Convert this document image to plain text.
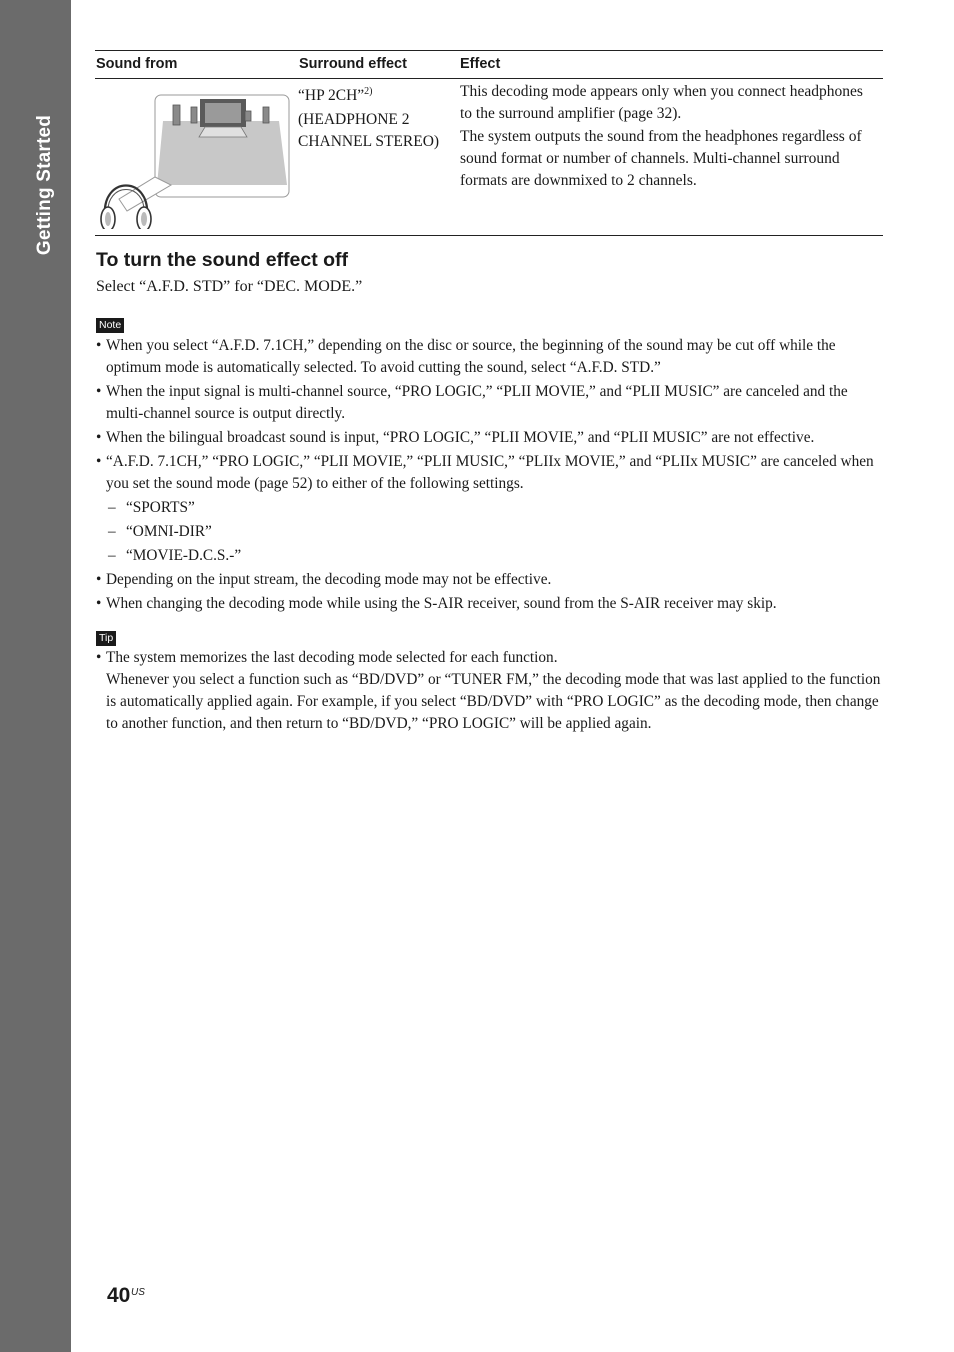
Getting Started
Sound from	Surround effect	Effect

“HP 2CH”$^{2)}$

(HEADPHONE 2 CHANNEL STEREO)

This decoding mode appears only when you connect headphones to the surround amplifier (page 32).

The system outputs the sound from the headphones regardless of sound format or number of channels. Multi-channel surround formats are downmixed to 2 channels.

To turn the sound effect off
Select “A.F.D. STD” for “DEC. MODE.”
Note
• When you select “A.F.D. 7.1CH,” depending on the disc or source, the beginning of the sound may be cut off while the optimum mode is automatically selected. To avoid cutting the sound, select “A.F.D. STD.”
• When the input signal is multi-channel source, “PRO LOGIC,” “PLII MOVIE,” and “PLII MUSIC” are canceled and the multi-channel source is output directly.
• When the bilingual broadcast sound is input, “PRO LOGIC,” “PLII MOVIE,” and “PLII MUSIC” are not effective.
• “A.F.D. 7.1CH,” “PRO LOGIC,” “PLII MOVIE,” “PLII MUSIC,” “PLIIx MOVIE,” and “PLIIx MUSIC” are canceled when you set the sound mode (page 52) to either of the following settings.
– “SPORTS”
– “OMNI-DIR”
– “MOVIE-D.C.S.-”
• Depending on the input stream, the decoding mode may not be effective.
• When changing the decoding mode while using the S-AIR receiver, sound from the S-AIR receiver may skip.
Tip
• The system memorizes the last decoding mode selected for each function.
Whenever you select a function such as “BD/DVD” or “TUNER FM,” the decoding mode that was last applied to the function is automatically applied again. For example, if you select “BD/DVD” with “PRO LOGIC” as the decoding mode, then change to another function, and then return to “BD/DVD,” “PRO LOGIC” will be applied again.
40 US
